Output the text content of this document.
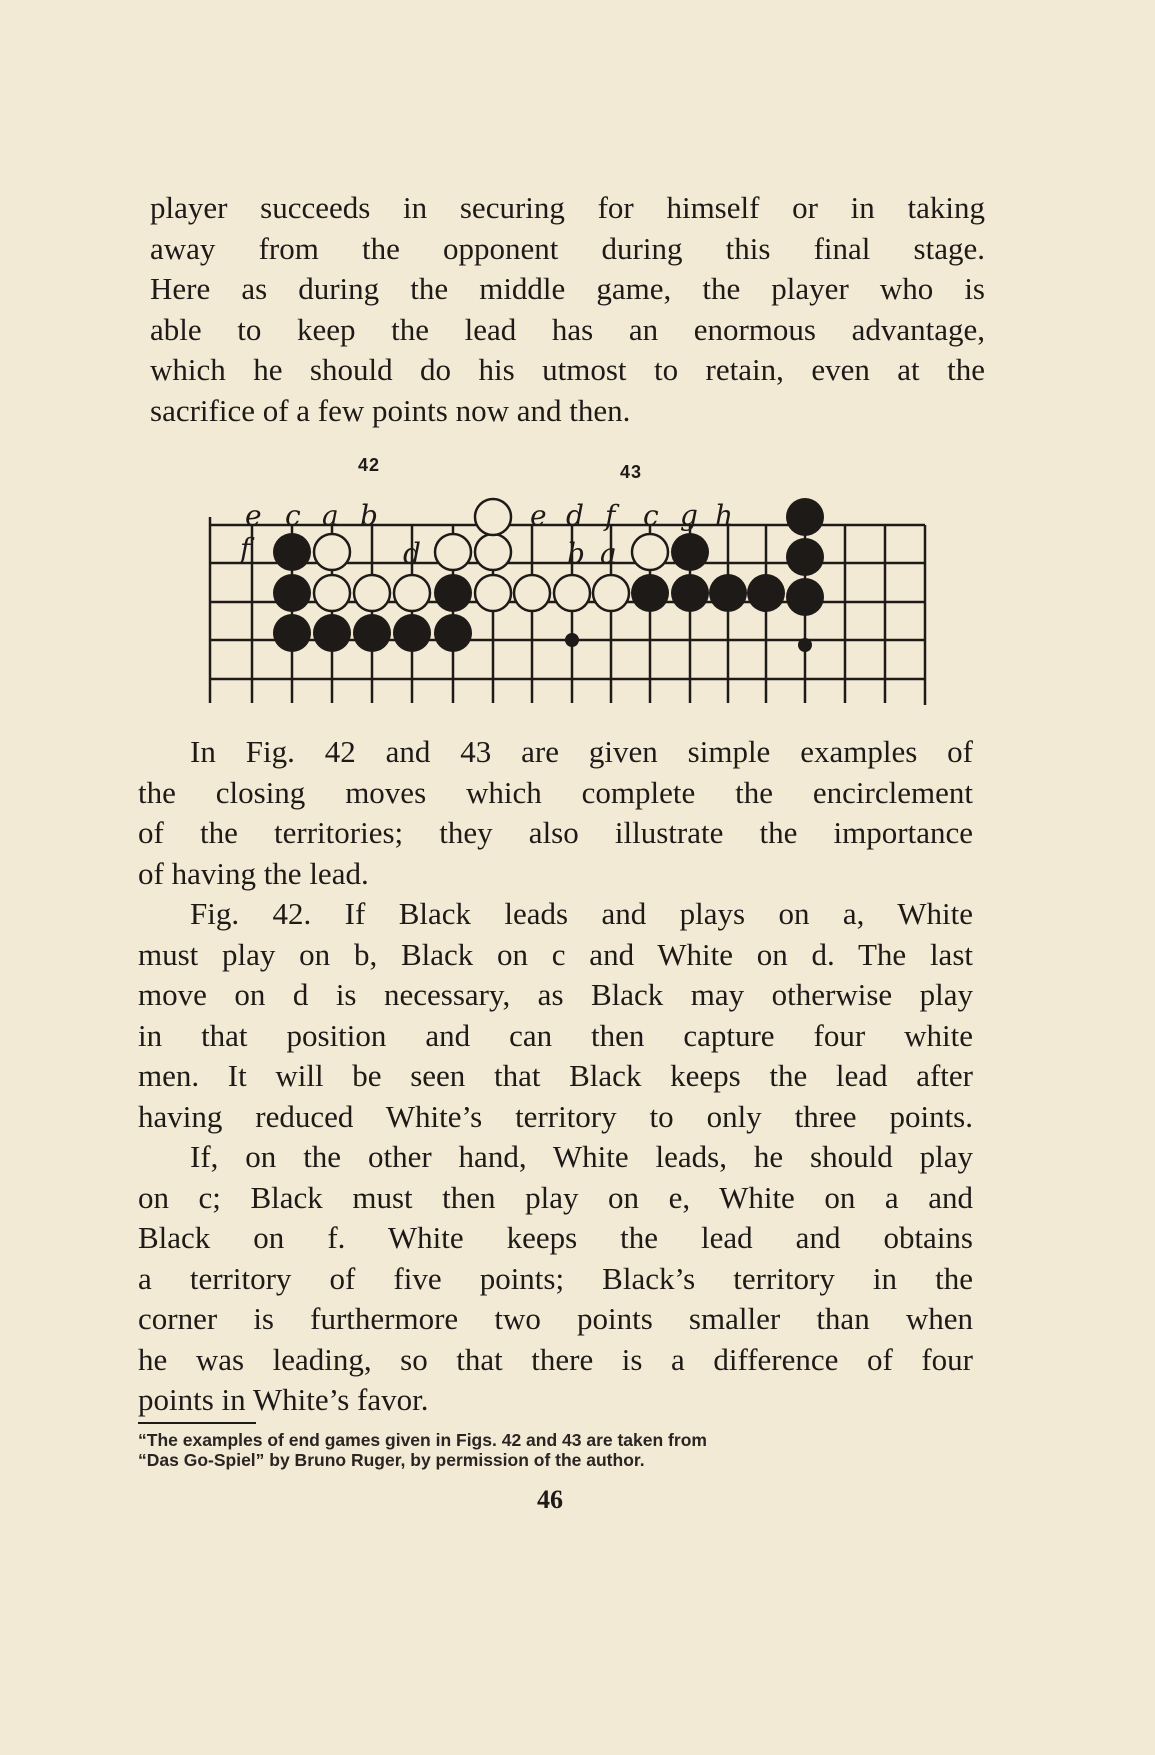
player succeeds in securing for himself or in taking
away from the opponent during this final stage.
Here as during the middle game, the player who is
able to keep the lead has an enormous advantage,
which he should do his utmost to retain, even at the
sacrifice of a few points now and then.
42	43
e c a b
f	d
e d f c g h
b a
In Fig. 42 and 43 are given simple examples of
the closing moves which complete the encirclement
of the territories; they also illustrate the importance
of having the lead.
Fig. 42. If Black leads and plays on a, White
must play on b, Black on c and White on d. The last
move on d is necessary, as Black may otherwise play
in that position and can then capture four white
men. It will be seen that Black keeps the lead after
having reduced White’s territory to only three points.
If, on the other hand, White leads, he should play
on c; Black must then play on e, White on a and
Black on f. White keeps the lead and obtains
a territory of five points; Black’s territory in the
corner is furthermore two points smaller than when
he was leading, so that there is a difference of four
points in White’s favor.
“The examples of end games given in Figs. 42 and 43 are taken from
“Das Go-Spiel” by Bruno Ruger, by permission of the author.
46
